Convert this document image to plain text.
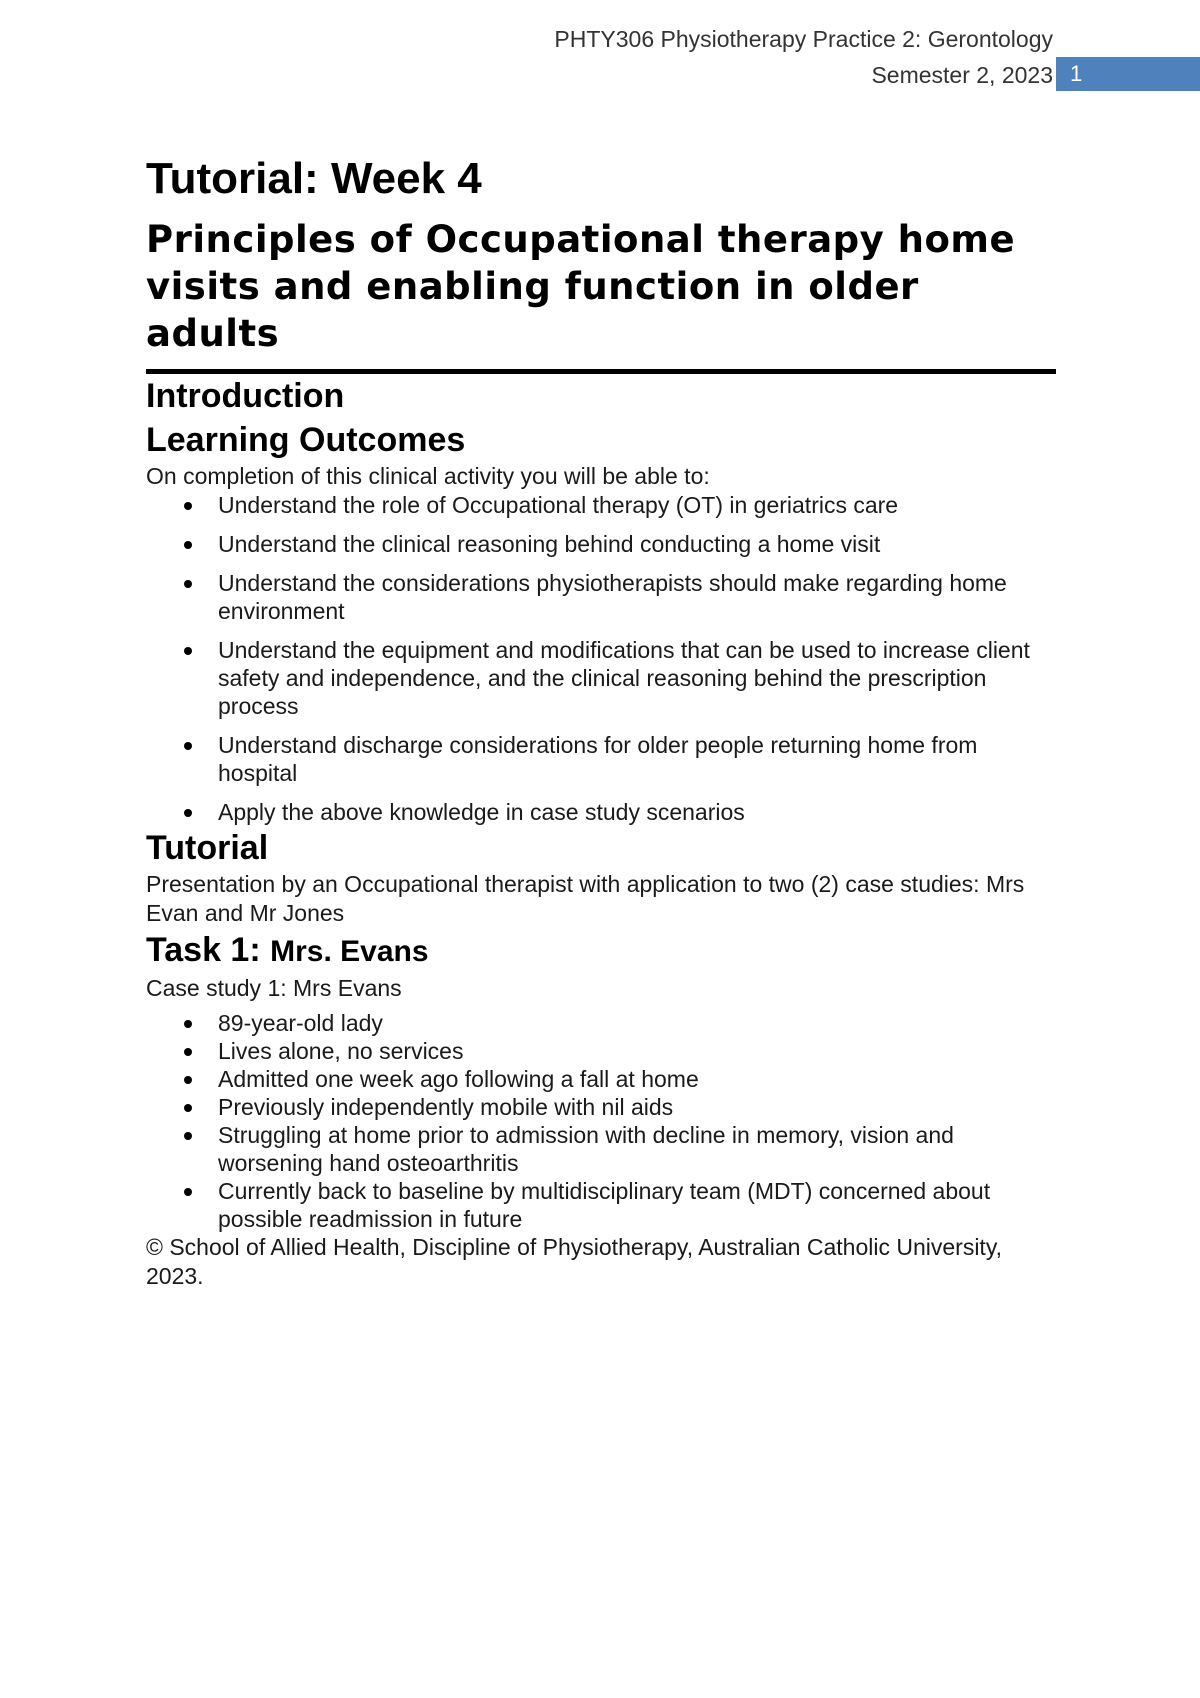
PHTY306 Physiotherapy Practice 2: Gerontology
Semester 2, 2023 1
Tutorial: Week 4
Principles of Occupational therapy home visits and enabling function in older adults
Introduction
Learning Outcomes

On completion of this clinical activity you will be able to:

Understand the role of Occupational therapy (OT) in geriatrics care
Understand the clinical reasoning behind conducting a home visit
Understand the considerations physiotherapists should make regarding home environment
Understand the equipment and modifications that can be used to increase client safety and independence, and the clinical reasoning behind the prescription process
Understand discharge considerations for older people returning home from hospital
Apply the above knowledge in case study scenarios
Tutorial

Presentation by an Occupational therapist with application to two (2) case studies: Mrs Evan and Mr Jones

Task 1: Mrs. Evans

Case study 1: Mrs Evans

89-year-old lady
Lives alone, no services
Admitted one week ago following a fall at home
Previously independently mobile with nil aids
Struggling at home prior to admission with decline in memory, vision and worsening hand osteoarthritis
Currently back to baseline by multidisciplinary team (MDT) concerned about possible readmission in future

© School of Allied Health, Discipline of Physiotherapy, Australian Catholic University, 2023.
